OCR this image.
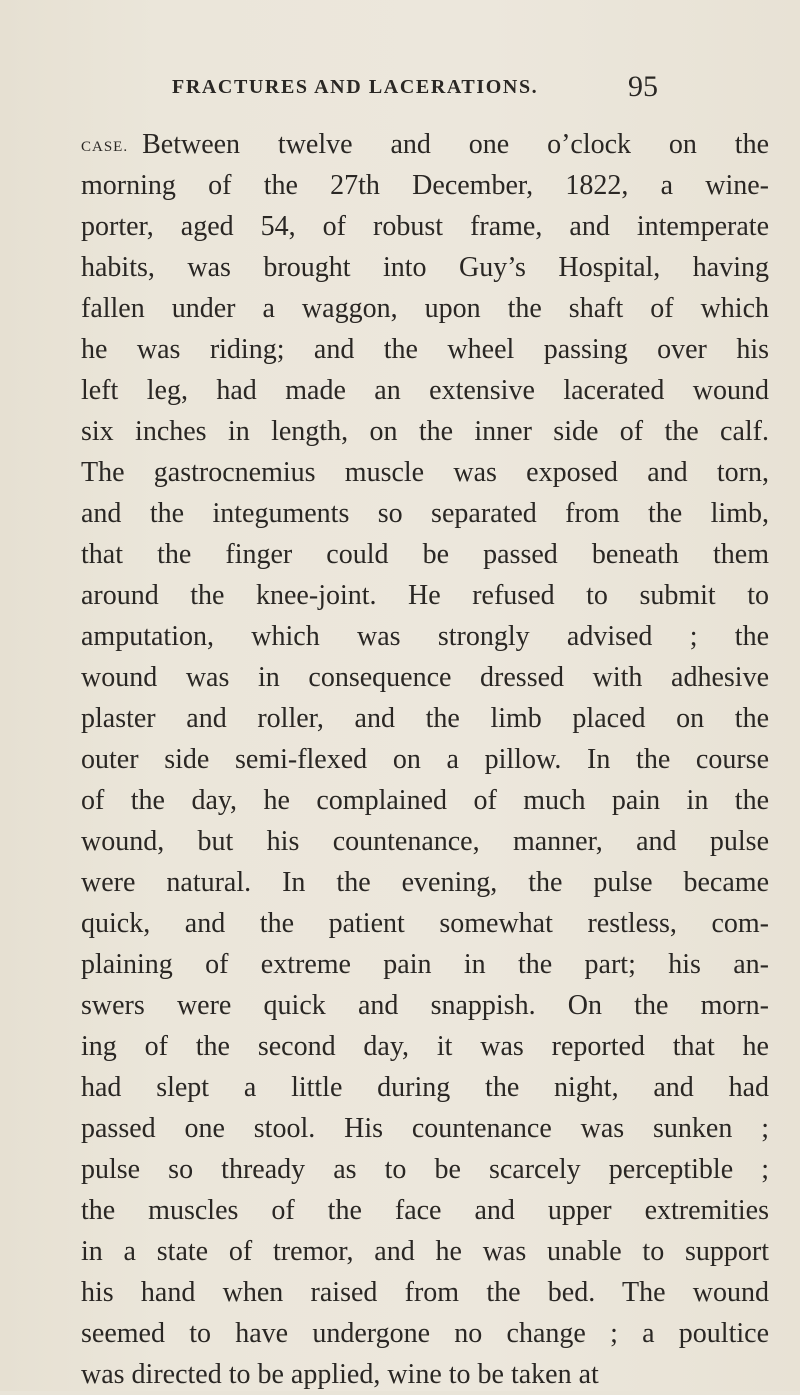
FRACTURES AND LACERATIONS.	95
CASE. Between twelve and one o’clock on the
morning of the 27th December, 1822, a wine-
porter, aged 54, of robust frame, and intemperate
habits, was brought into Guy’s Hospital, having
fallen under a waggon, upon the shaft of which
he was riding; and the wheel passing over his
left leg, had made an extensive lacerated wound
six inches in length, on the inner side of the calf.
The gastrocnemius muscle was exposed and torn,
and the integuments so separated from the limb,
that the finger could be passed beneath them
around the knee-joint. He refused to submit to
amputation, which was strongly advised ; the
wound was in consequence dressed with adhesive
plaster and roller, and the limb placed on the
outer side semi-flexed on a pillow. In the course
of the day, he complained of much pain in the
wound, but his countenance, manner, and pulse
were natural. In the evening, the pulse became
quick, and the patient somewhat restless, com-
plaining of extreme pain in the part; his an-
swers were quick and snappish. On the morn-
ing of the second day, it was reported that he
had slept a little during the night, and had
passed one stool. His countenance was sunken ;
pulse so thready as to be scarcely perceptible ;
the muscles of the face and upper extremities
in a state of tremor, and he was unable to support
his hand when raised from the bed. The wound
seemed to have undergone no change ; a poultice
was directed to be applied, wine to be taken at
